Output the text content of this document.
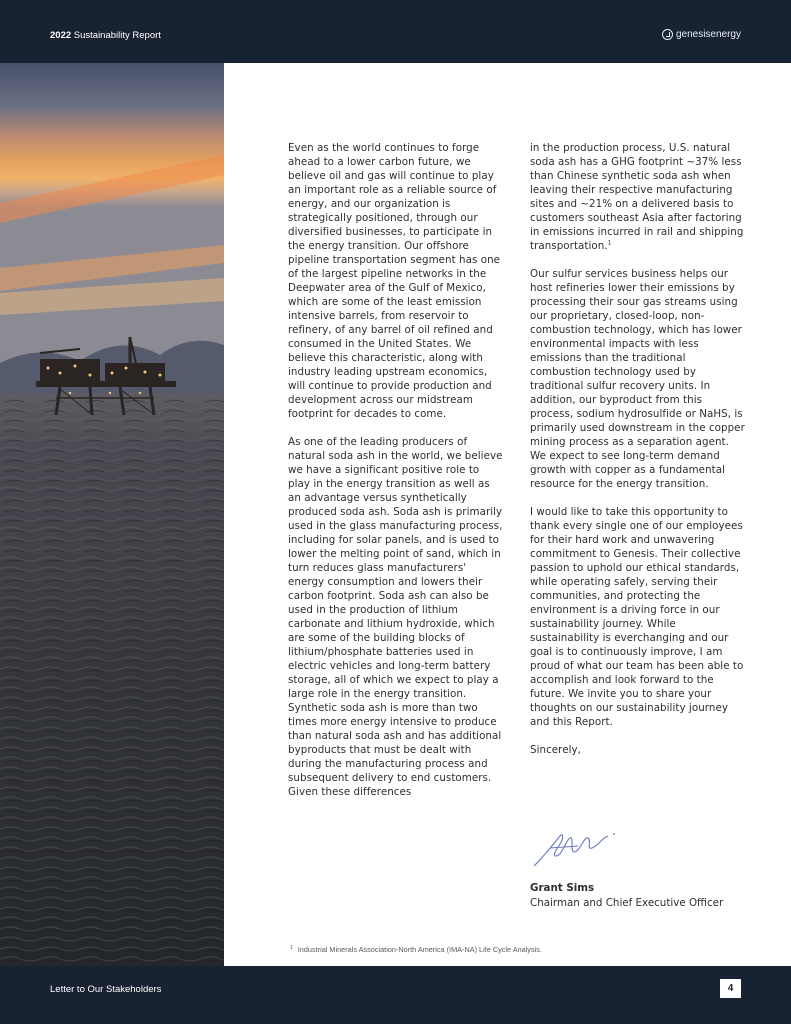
2022 Sustainability Report	genesisenergy

Even as the world continues to forge ahead to a lower carbon future, we believe oil and gas will continue to play an important role as a reliable source of energy, and our organization is strategically positioned, through our diversified businesses, to participate in the energy transition. Our offshore pipeline transportation segment has one of the largest pipeline networks in the Deepwater area of the Gulf of Mexico, which are some of the least emission intensive barrels, from reservoir to refinery, of any barrel of oil refined and consumed in the United States. We believe this characteristic, along with industry leading upstream economics, will continue to provide production and development across our midstream footprint for decades to come.

As one of the leading producers of natural soda ash in the world, we believe we have a significant positive role to play in the energy transition as well as an advantage versus synthetically produced soda ash. Soda ash is primarily used in the glass manufacturing process, including for solar panels, and is used to lower the melting point of sand, which in turn reduces glass manufacturers' energy consumption and lowers their carbon footprint. Soda ash can also be used in the production of lithium carbonate and lithium hydroxide, which are some of the building blocks of lithium/phosphate batteries used in electric vehicles and long-term battery storage, all of which we expect to play a large role in the energy transition. Synthetic soda ash is more than two times more energy intensive to produce than natural soda ash and has additional byproducts that must be dealt with during the manufacturing process and subsequent delivery to end customers. Given these differences

in the production process, U.S. natural soda ash has a GHG footprint ~37% less than Chinese synthetic soda ash when leaving their respective manufacturing sites and ~21% on a delivered basis to customers southeast Asia after factoring in emissions incurred in rail and shipping transportation.$^1$

Our sulfur services business helps our host refineries lower their emissions by processing their sour gas streams using our proprietary, closed-loop, non-combustion technology, which has lower environmental impacts with less emissions than the traditional combustion technology used by traditional sulfur recovery units. In addition, our byproduct from this process, sodium hydrosulfide or NaHS, is primarily used downstream in the copper mining process as a separation agent. We expect to see long-term demand growth with copper as a fundamental resource for the energy transition.

I would like to take this opportunity to thank every single one of our employees for their hard work and unwavering commitment to Genesis. Their collective passion to uphold our ethical standards, while operating safely, serving their communities, and protecting the environment is a driving force in our sustainability journey. While sustainability is everchanging and our goal is to continuously improve, I am proud of what our team has been able to accomplish and look forward to the future. We invite you to share your thoughts on our sustainability journey and this Report.

Sincerely,

Grant Sims
Chairman and Chief Executive Officer
$^1$ Industrial Minerals Association-North America (IMA-NA) Life Cycle Analysis.
Letter to Our Stakeholders	4
